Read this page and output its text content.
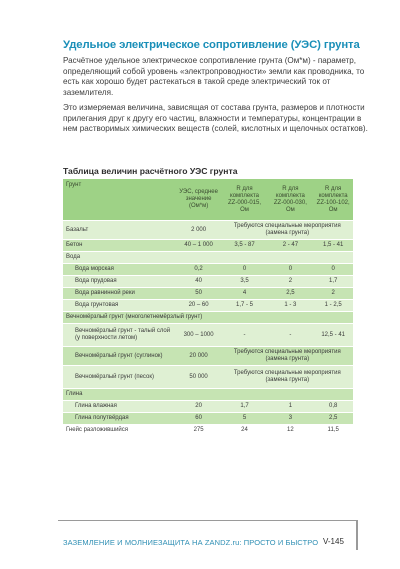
Удельное электрическое сопротивление (УЭС) грунта

Расчётное удельное электрическое сопротивление грунта (Ом*м) - параметр, определяющий собой уровень «электропроводности» земли как проводника, то есть как хорошо будет растекаться в такой среде электрический ток от заземлителя.

Это измеряемая величина, зависящая от состава грунта, размеров и плотности прилегания друг к другу его частиц, влажности и температуры, концентрации в нем растворимых химических веществ (солей, кислотных и щелочных остатков).

Таблица величин расчётного УЭС грунта
Грунт	УЭС, среднее значение (Ом*м)	R для комплекта ZZ-000-015, Ом	R для комплекта ZZ-000-030, Ом	R для комплекта ZZ-100-102, Ом
Базальт	2 000	Требуются специальные мероприятия (замена грунта)		
Бетон	40 – 1 000	3,5 - 87	2 - 47	1,5 - 41
Вода				
Вода морская	0,2	0	0	0
Вода прудовая	40	3,5	2	1,7
Вода равнинной реки	50	4	2,5	2
Вода грунтовая	20 – 60	1,7 - 5	1 - 3	1 - 2,5
Вечномёрзлый грунт (многолетнемёрзлый грунт)				
Вечномёрзлый грунт - талый слой (у поверхности летом)	300 – 1000	-	-	12,5 - 41
Вечномёрзлый грунт (суглинок)	20 000	Требуются специальные мероприятия (замена грунта)		
Вечномёрзлый грунт (песок)	50 000	Требуются специальные мероприятия (замена грунта)		
Глина				
Глина влажная	20	1,7	1	0,8
Глина полутвёрдая	60	5	3	2,5
Гнейс разложившийся	275	24	12	11,5
ЗАЗЕМЛЕНИЕ И МОЛНИЕЗАЩИТА НА ZANDZ.ru: ПРОСТО И БЫСТРО V-145
